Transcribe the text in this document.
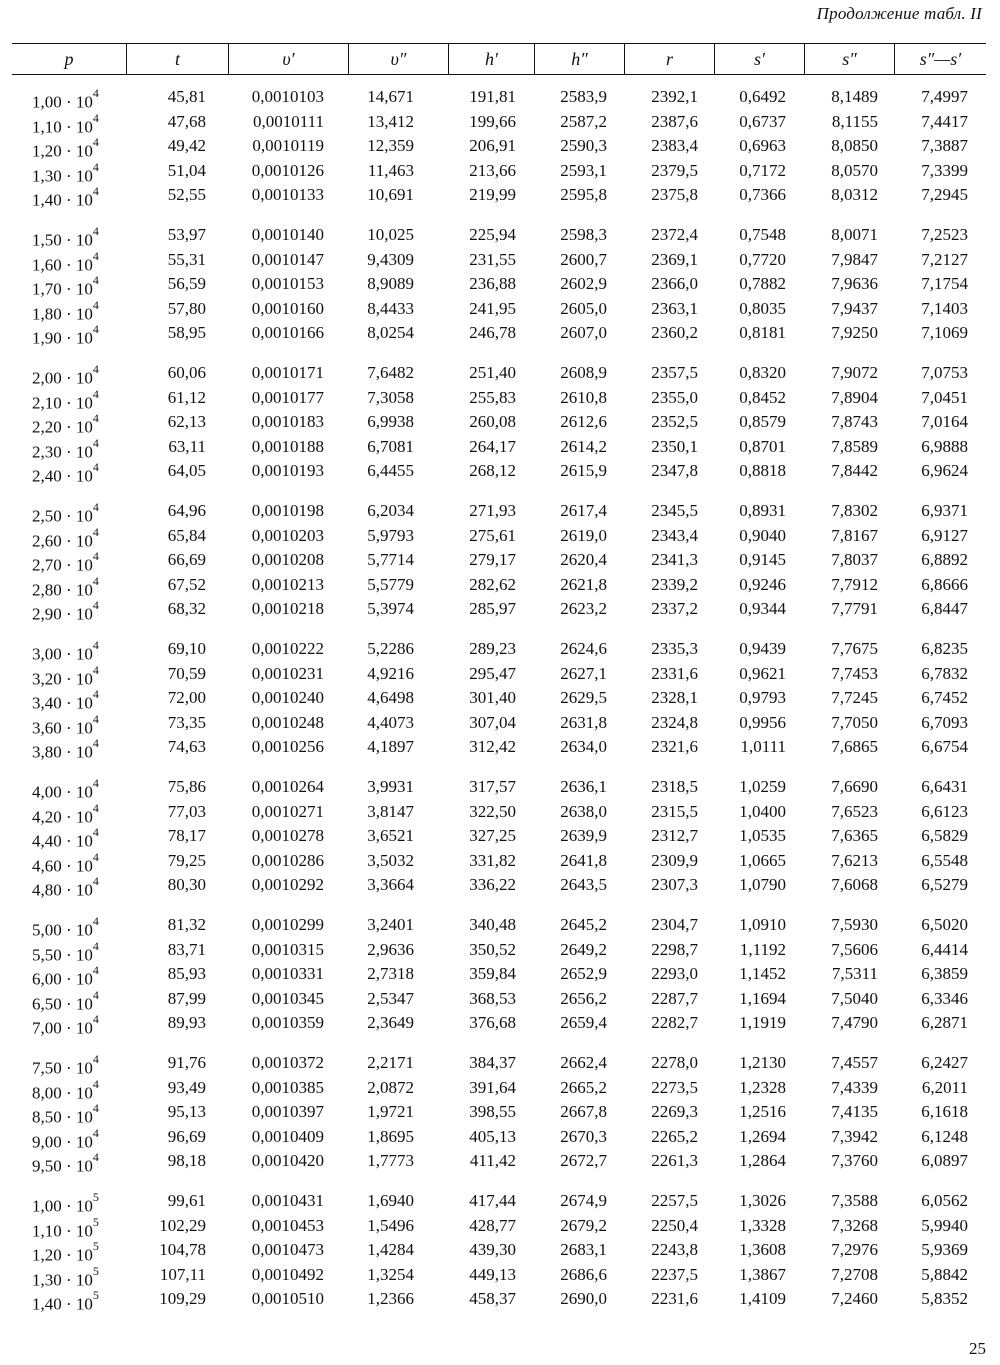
Продолжение табл. II
p	t	υ′	υ″	h′	h″	r	s′	s″	s″—s′
$1,00 \cdot 10^4$	45,81	0,0010103	14,671	191,81	2583,9	2392,1	0,6492	8,1489	7,4997
$1,10 \cdot 10^4$	47,68	0,0010111	13,412	199,66	2587,2	2387,6	0,6737	8,1155	7,4417
$1,20 \cdot 10^4$	49,42	0,0010119	12,359	206,91	2590,3	2383,4	0,6963	8,0850	7,3887
$1,30 \cdot 10^4$	51,04	0,0010126	11,463	213,66	2593,1	2379,5	0,7172	8,0570	7,3399
$1,40 \cdot 10^4$	52,55	0,0010133	10,691	219,99	2595,8	2375,8	0,7366	8,0312	7,2945
$1,50 \cdot 10^4$	53,97	0,0010140	10,025	225,94	2598,3	2372,4	0,7548	8,0071	7,2523
$1,60 \cdot 10^4$	55,31	0,0010147	9,4309	231,55	2600,7	2369,1	0,7720	7,9847	7,2127
$1,70 \cdot 10^4$	56,59	0,0010153	8,9089	236,88	2602,9	2366,0	0,7882	7,9636	7,1754
$1,80 \cdot 10^4$	57,80	0,0010160	8,4433	241,95	2605,0	2363,1	0,8035	7,9437	7,1403
$1,90 \cdot 10^4$	58,95	0,0010166	8,0254	246,78	2607,0	2360,2	0,8181	7,9250	7,1069
$2,00 \cdot 10^4$	60,06	0,0010171	7,6482	251,40	2608,9	2357,5	0,8320	7,9072	7,0753
$2,10 \cdot 10^4$	61,12	0,0010177	7,3058	255,83	2610,8	2355,0	0,8452	7,8904	7,0451
$2,20 \cdot 10^4$	62,13	0,0010183	6,9938	260,08	2612,6	2352,5	0,8579	7,8743	7,0164
$2,30 \cdot 10^4$	63,11	0,0010188	6,7081	264,17	2614,2	2350,1	0,8701	7,8589	6,9888
$2,40 \cdot 10^4$	64,05	0,0010193	6,4455	268,12	2615,9	2347,8	0,8818	7,8442	6,9624
$2,50 \cdot 10^4$	64,96	0,0010198	6,2034	271,93	2617,4	2345,5	0,8931	7,8302	6,9371
$2,60 \cdot 10^4$	65,84	0,0010203	5,9793	275,61	2619,0	2343,4	0,9040	7,8167	6,9127
$2,70 \cdot 10^4$	66,69	0,0010208	5,7714	279,17	2620,4	2341,3	0,9145	7,8037	6,8892
$2,80 \cdot 10^4$	67,52	0,0010213	5,5779	282,62	2621,8	2339,2	0,9246	7,7912	6,8666
$2,90 \cdot 10^4$	68,32	0,0010218	5,3974	285,97	2623,2	2337,2	0,9344	7,7791	6,8447
$3,00 \cdot 10^4$	69,10	0,0010222	5,2286	289,23	2624,6	2335,3	0,9439	7,7675	6,8235
$3,20 \cdot 10^4$	70,59	0,0010231	4,9216	295,47	2627,1	2331,6	0,9621	7,7453	6,7832
$3,40 \cdot 10^4$	72,00	0,0010240	4,6498	301,40	2629,5	2328,1	0,9793	7,7245	6,7452
$3,60 \cdot 10^4$	73,35	0,0010248	4,4073	307,04	2631,8	2324,8	0,9956	7,7050	6,7093
$3,80 \cdot 10^4$	74,63	0,0010256	4,1897	312,42	2634,0	2321,6	1,0111	7,6865	6,6754
$4,00 \cdot 10^4$	75,86	0,0010264	3,9931	317,57	2636,1	2318,5	1,0259	7,6690	6,6431
$4,20 \cdot 10^4$	77,03	0,0010271	3,8147	322,50	2638,0	2315,5	1,0400	7,6523	6,6123
$4,40 \cdot 10^4$	78,17	0,0010278	3,6521	327,25	2639,9	2312,7	1,0535	7,6365	6,5829
$4,60 \cdot 10^4$	79,25	0,0010286	3,5032	331,82	2641,8	2309,9	1,0665	7,6213	6,5548
$4,80 \cdot 10^4$	80,30	0,0010292	3,3664	336,22	2643,5	2307,3	1,0790	7,6068	6,5279
$5,00 \cdot 10^4$	81,32	0,0010299	3,2401	340,48	2645,2	2304,7	1,0910	7,5930	6,5020
$5,50 \cdot 10^4$	83,71	0,0010315	2,9636	350,52	2649,2	2298,7	1,1192	7,5606	6,4414
$6,00 \cdot 10^4$	85,93	0,0010331	2,7318	359,84	2652,9	2293,0	1,1452	7,5311	6,3859
$6,50 \cdot 10^4$	87,99	0,0010345	2,5347	368,53	2656,2	2287,7	1,1694	7,5040	6,3346
$7,00 \cdot 10^4$	89,93	0,0010359	2,3649	376,68	2659,4	2282,7	1,1919	7,4790	6,2871
$7,50 \cdot 10^4$	91,76	0,0010372	2,2171	384,37	2662,4	2278,0	1,2130	7,4557	6,2427
$8,00 \cdot 10^4$	93,49	0,0010385	2,0872	391,64	2665,2	2273,5	1,2328	7,4339	6,2011
$8,50 \cdot 10^4$	95,13	0,0010397	1,9721	398,55	2667,8	2269,3	1,2516	7,4135	6,1618
$9,00 \cdot 10^4$	96,69	0,0010409	1,8695	405,13	2670,3	2265,2	1,2694	7,3942	6,1248
$9,50 \cdot 10^4$	98,18	0,0010420	1,7773	411,42	2672,7	2261,3	1,2864	7,3760	6,0897
$1,00 \cdot 10^5$	99,61	0,0010431	1,6940	417,44	2674,9	2257,5	1,3026	7,3588	6,0562
$1,10 \cdot 10^5$	102,29	0,0010453	1,5496	428,77	2679,2	2250,4	1,3328	7,3268	5,9940
$1,20 \cdot 10^5$	104,78	0,0010473	1,4284	439,30	2683,1	2243,8	1,3608	7,2976	5,9369
$1,30 \cdot 10^5$	107,11	0,0010492	1,3254	449,13	2686,6	2237,5	1,3867	7,2708	5,8842
$1,40 \cdot 10^5$	109,29	0,0010510	1,2366	458,37	2690,0	2231,6	1,4109	7,2460	5,8352
25
